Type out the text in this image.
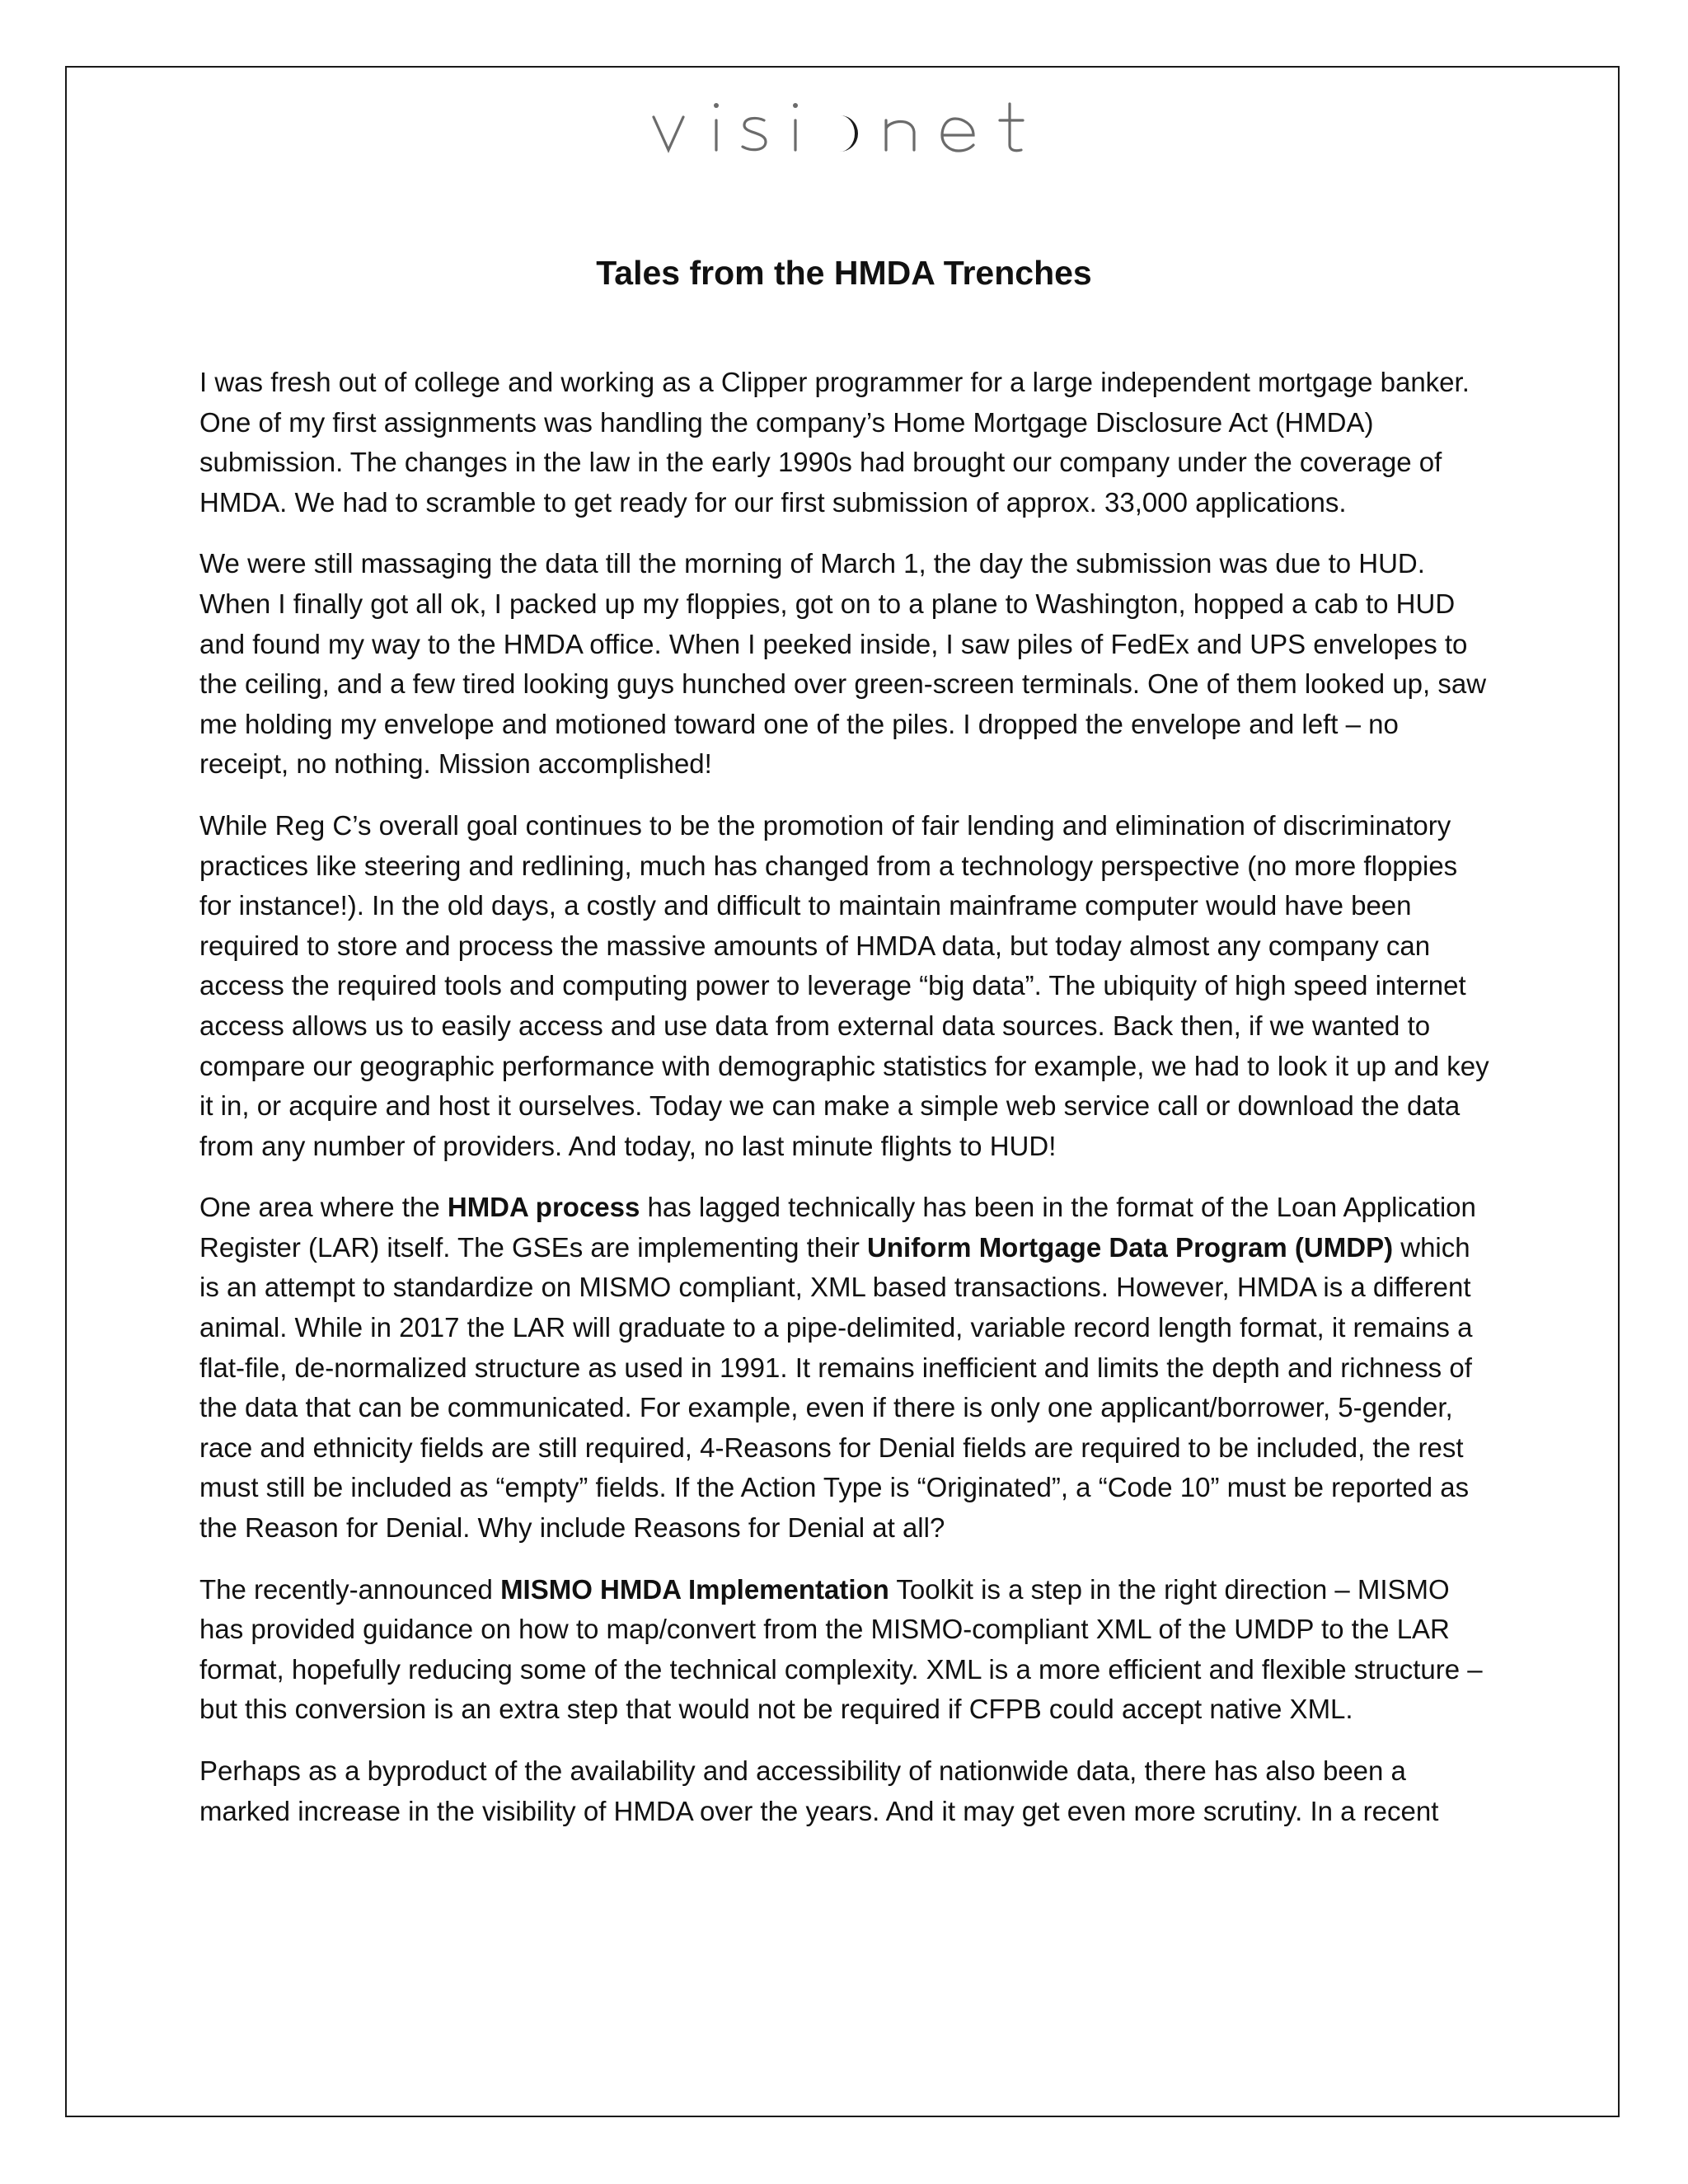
Tales from the HMDA Trenches

I was fresh out of college and working as a Clipper programmer for a large independent mortgage banker. One of my first assignments was handling the company’s Home Mortgage Disclosure Act (HMDA) submission. The changes in the law in the early 1990s had brought our company under the coverage of HMDA. We had to scramble to get ready for our first submission of approx. 33,000 applications.

We were still massaging the data till the morning of March 1, the day the submission was due to HUD. When I finally got all ok, I packed up my floppies, got on to a plane to Washington, hopped a cab to HUD and found my way to the HMDA office. When I peeked inside, I saw piles of FedEx and UPS envelopes to the ceiling, and a few tired looking guys hunched over green-screen terminals. One of them looked up, saw me holding my envelope and motioned toward one of the piles. I dropped the envelope and left – no receipt, no nothing. Mission accomplished!

While Reg C’s overall goal continues to be the promotion of fair lending and elimination of discriminatory practices like steering and redlining, much has changed from a technology perspective (no more floppies for instance!). In the old days, a costly and difficult to maintain mainframe computer would have been required to store and process the massive amounts of HMDA data, but today almost any company can access the required tools and computing power to leverage “big data”. The ubiquity of high speed internet access allows us to easily access and use data from external data sources. Back then, if we wanted to compare our geographic performance with demographic statistics for example, we had to look it up and key it in, or acquire and host it ourselves. Today we can make a simple web service call or download the data from any number of providers. And today, no last minute flights to HUD!

One area where the HMDA process has lagged technically has been in the format of the Loan Application Register (LAR) itself. The GSEs are implementing their Uniform Mortgage Data Program (UMDP) which is an attempt to standardize on MISMO compliant, XML based transactions. However, HMDA is a different animal. While in 2017 the LAR will graduate to a pipe-delimited, variable record length format, it remains a flat-file, de-normalized structure as used in 1991. It remains inefficient and limits the depth and richness of the data that can be communicated. For example, even if there is only one applicant/borrower, 5-gender, race and ethnicity fields are still required, 4-Reasons for Denial fields are required to be included, the rest must still be included as “empty” fields. If the Action Type is “Originated”, a “Code 10” must be reported as the Reason for Denial. Why include Reasons for Denial at all?

The recently-announced MISMO HMDA Implementation Toolkit is a step in the right direction – MISMO has provided guidance on how to map/convert from the MISMO-compliant XML of the UMDP to the LAR format, hopefully reducing some of the technical complexity. XML is a more efficient and flexible structure – but this conversion is an extra step that would not be required if CFPB could accept native XML.

Perhaps as a byproduct of the availability and accessibility of nationwide data, there has also been a marked increase in the visibility of HMDA over the years. And it may get even more scrutiny. In a recent
